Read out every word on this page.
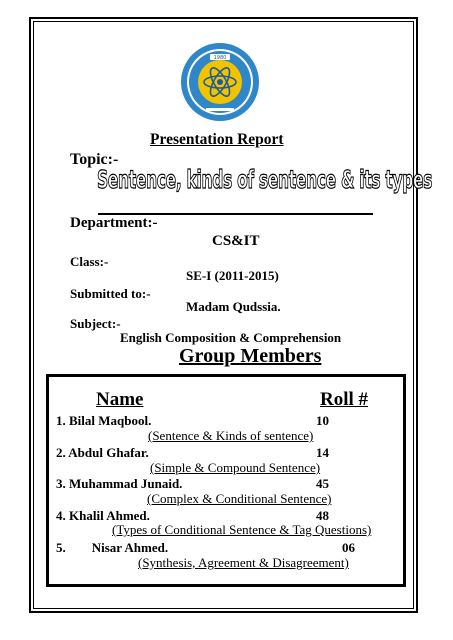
1980
Presentation Report
Topic:-
Sentence, kinds of sentence & its types
Department:-
CS&IT
Class:-
SE-I (2011-2015)
Submitted to:-
Madam Qudssia.
Subject:-
English Composition & Comprehension
Group Members
Name	Roll #
1. Bilal Maqbool.	10
(Sentence & Kinds of sentence)
2. Abdul Ghafar.	14
(Simple & Compound Sentence)
3. Muhammad Junaid.	45
(Complex & Conditional Sentence)
4. Khalil Ahmed.	48
(Types of Conditional Sentence & Tag Questions)
5.        Nisar Ahmed.	06
(Synthesis, Agreement & Disagreement)
